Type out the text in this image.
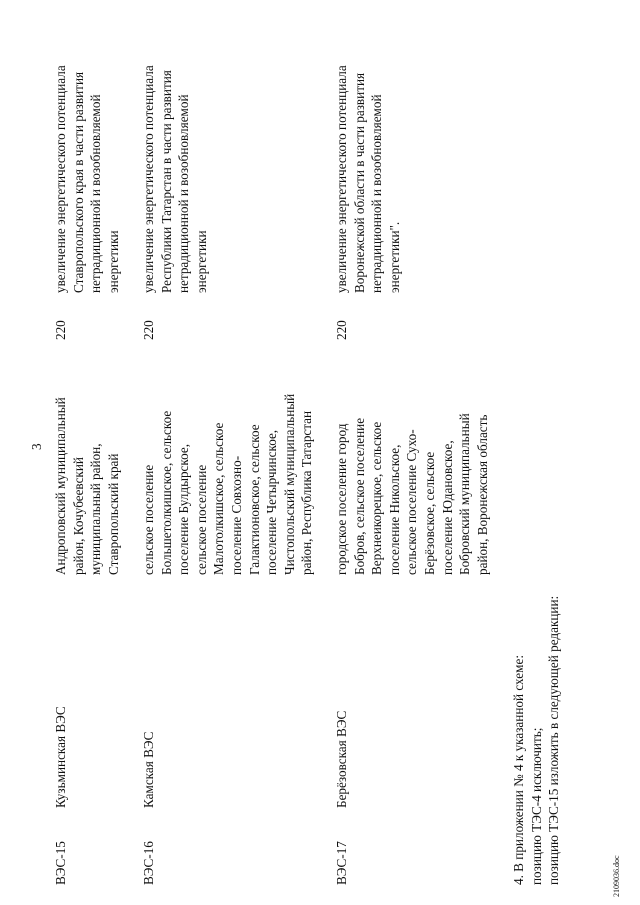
3
ВЭС-15
Кузьминская ВЭС
Андроповский муниципальный район, Кочубеевский муниципальный район, Ставропольский край
220
увеличение энергетического потенциала Ставропольского края в части развития нетрадиционной и возобновляемой энергетики
ВЭС-16
Камская ВЭС
сельское поселение Большетолкишское, сельское поселение Булдырское, сельское поселение Малотолкишское, сельское поселение Совхозно- Галактионовское, сельское поселение Четырчинское, Чистопольский муниципальный район, Республика Татарстан
220
увеличение энергетического потенциала Республики Татарстан в части развития нетрадиционной и возобновляемой энергетики
ВЭС-17
Берёзовская ВЭС
городское поселение город Бобров, сельское поселение Верхнеикорецкое, сельское поселение Никольское, сельское поселение Сухо- Берёзовское, сельское поселение Юдановское, Бобровский муниципальный район, Воронежская область
220
увеличение энергетического потенциала Воронежской области в части развития нетрадиционной и возобновляемой энергетики".
4. В приложении № 4 к указанной схеме: позицию ТЭС-4 исключить; позицию ТЭС-15 изложить в следующей редакции:	2109036.doc
